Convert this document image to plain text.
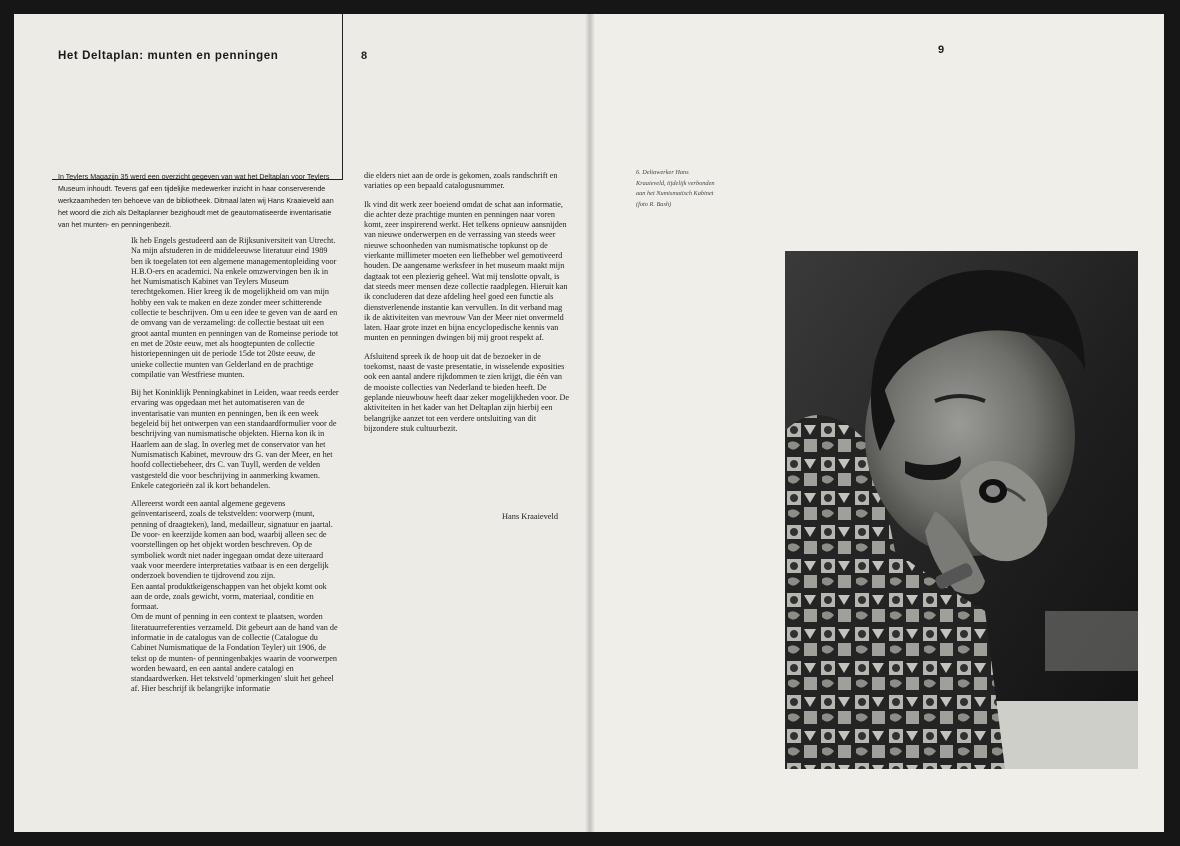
Het Deltaplan: munten en penningen	8	9
In Teylers Magazijn 35 werd een overzicht gegeven van wat het Deltaplan voor Teylers Museum inhoudt. Tevens gaf een tijdelijke medewerker inzicht in haar conserverende werkzaamheden ten behoeve van de bibliotheek. Ditmaal laten wij Hans Kraaieveld aan het woord die zich als Deltaplanner bezighoudt met de geautomatiseerde inventarisatie van het munten- en penningenbezit.

Ik heb Engels gestudeerd aan de Rijksuniversiteit van Utrecht. Na mijn afstuderen in de middeleeuwse literatuur eind 1989 ben ik toegelaten tot een algemene managementopleiding voor H.B.O-ers en academici. Na enkele omzwervingen ben ik in het Numismatisch Kabinet van Teylers Museum terechtgekomen. Hier kreeg ik de mogelijkheid om van mijn hobby een vak te maken en deze zonder meer schitterende collectie te beschrijven. Om u een idee te geven van de aard en de omvang van de verzameling: de collectie bestaat uit een groot aantal munten en penningen van de Romeinse periode tot en met de 20ste eeuw, met als hoogtepunten de collectie historiepenningen uit de periode 15de tot 20ste eeuw, de unieke collectie munten van Gelderland en de prachtige compilatie van Westfriese munten.

Bij het Koninklijk Penningkabinet in Leiden, waar reeds eerder ervaring was opgedaan met het automatiseren van de inventarisatie van munten en penningen, ben ik een week begeleid bij het ontwerpen van een standaardformulier voor de beschrijving van numismatische objekten. Hierna kon ik in Haarlem aan de slag. In overleg met de conservator van het Numismatisch Kabinet, mevrouw drs G. van der Meer, en het hoofd collectiebeheer, drs C. van Tuyll, werden de velden vastgesteld die voor beschrijving in aanmerking kwamen. Enkele categorieën zal ik kort behandelen.

Allereerst wordt een aantal algemene gegevens geïnventariseerd, zoals de tekstvelden: voorwerp (munt, penning of draagteken), land, medailleur, signatuur en jaartal. De voor- en keerzijde komen aan bod, waarbij alleen sec de voorstellingen op het objekt worden beschreven. Op de symboliek wordt niet nader ingegaan omdat deze uiteraard vaak voor meerdere interpretaties vatbaar is en een dergelijk onderzoek bovendien te tijdrovend zou zijn.

Een aantal produktkeigenschappen van het objekt komt ook aan de orde, zoals gewicht, vorm, materiaal, conditie en formaat.

Om de munt of penning in een context te plaatsen, worden literatuurreferenties verzameld. Dit gebeurt aan de hand van de informatie in de catalogus van de collectie (Catalogue du Cabinet Numismatique de la Fondation Teyler) uit 1906, de tekst op de munten- of penningenbakjes waarin de voorwerpen worden bewaard, en een aantal andere catalogi en standaardwerken. Het tekstveld 'opmerkingen' sluit het geheel af. Hier beschrijf ik belangrijke informatie

die elders niet aan de orde is gekomen, zoals randschrift en variaties op een bepaald catalogusnummer.

Ik vind dit werk zeer boeiend omdat de schat aan informatie, die achter deze prachtige munten en penningen naar voren komt, zeer inspirerend werkt. Het telkens opnieuw aansnijden van nieuwe onderwerpen en de verrassing van steeds weer nieuwe schoonheden van numismatische topkunst op de vierkante millimeter moeten een liefhebber wel gemotiveerd houden. De aangename werksfeer in het museum maakt mijn dagtaak tot een plezierig geheel. Wat mij tenslotte opvalt, is dat steeds meer mensen deze collectie raadplegen. Hieruit kan ik concluderen dat deze afdeling heel goed een functie als dienstverlenende instantie kan vervullen. In dit verband mag ik de aktiviteiten van mevrouw Van der Meer niet onvermeld laten. Haar grote inzet en bijna encyclopedische kennis van munten en penningen dwingen bij mij groot respekt af.

Afsluitend spreek ik de hoop uit dat de bezoeker in de toekomst, naast de vaste presentatie, in wisselende exposities ook een aantal andere rijkdommen te zien krijgt, die één van de mooiste collecties van Nederland te bieden heeft. De geplande nieuwbouw heeft daar zeker mogelijkheden voor. De aktiviteiten in het kader van het Deltaplan zijn hierbij een belangrijke aanzet tot een verdere ontsluiting van dit bijzondere stuk cultuurbezit.

Hans Kraaieveld
6. Deltawerker Hans Kraaieveld, tijdelijk verbonden aan het Numismatisch Kabinet (foto R. Bash)
